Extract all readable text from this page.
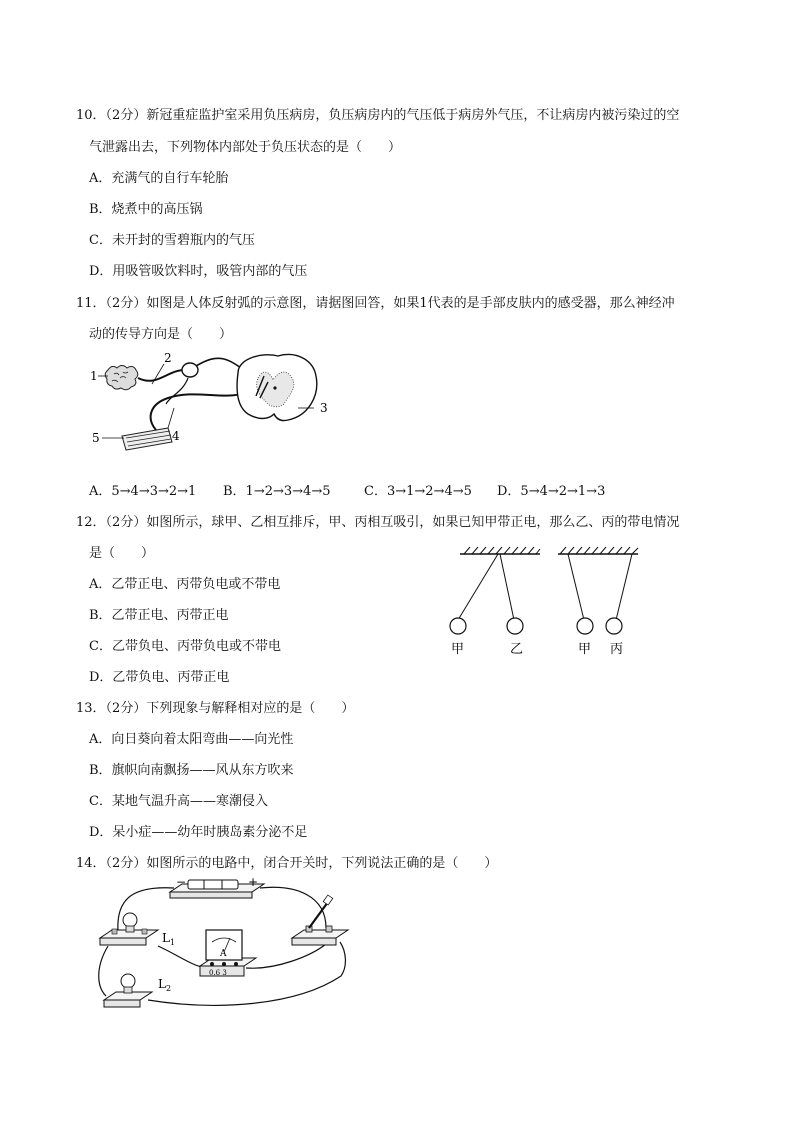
10．（2分）新冠重症监护室采用负压病房，负压病房内的气压低于病房外气压，不让病房内被污染过的空
气泄露出去，下列物体内部处于负压状态的是（　　）
A．充满气的自行车轮胎
B．烧煮中的高压锅
C．未开封的雪碧瓶内的气压
D．用吸管吸饮料时，吸管内部的气压
11．（2分）如图是人体反射弧的示意图，请据图回答，如果1代表的是手部皮肤内的感受器，那么神经冲
动的传导方向是（　　）
1
2
3
4
5
A．5→4→3→2→1 B．1→2→3→4→5	C．3→1→2→4→5 D．5→4→2→1→3
12．（2分）如图所示，球甲、乙相互排斥，甲、丙相互吸引，如果已知甲带正电，那么乙、丙的带电情况
是（　　）
A．乙带正电、丙带负电或不带电
B．乙带正电、丙带正电
C．乙带负电、丙带负电或不带电
D．乙带负电、丙带正电
甲	乙	甲 丙
13．（2分）下列现象与解释相对应的是（　　）
A．向日葵向着太阳弯曲——向光性
B．旗帜向南飘扬——风从东方吹来
C．某地气温升高——寒潮侵入
D．呆小症——幼年时胰岛素分泌不足
14．（2分）如图所示的电路中，闭合开关时，下列说法正确的是（　　）
−	+
$L_1$
$L_2$
A
0.6 3
